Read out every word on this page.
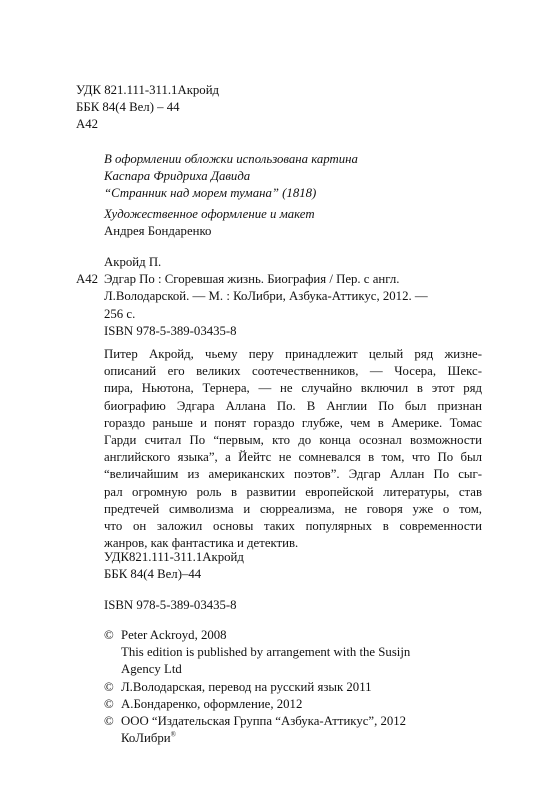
УДК 821.111-311.1Акройд
ББК 84(4 Вел) – 44
А42
В оформлении обложки использована картина
Каспара Фридриха Давида
“Странник над морем тумана” (1818)
Художественное оформление и макет
Андрея Бондаренко
А42
Акройд П.
Эдгар По : Сгоревшая жизнь. Биография / Пер. с англ.
Л.Володарской. — М. : КоЛибри, Азбука-Аттикус, 2012. —
256 с.
ISBN 978-5-389-03435-8
Питер Акройд, чьему перу принадлежит целый ряд жизне-
описаний его великих соотечественников, — Чосера, Шекс-
пира, Ньютона, Тернера, — не случайно включил в этот ряд
биографию Эдгара Аллана По. В Англии По был признан
гораздо раньше и понят гораздо глубже, чем в Америке. Томас
Гарди считал По “первым, кто до конца осознал возможности
английского языка”, а Йейтс не сомневался в том, что По был
“величайшим из американских поэтов”. Эдгар Аллан По сыг-
рал огромную роль в развитии европейской литературы, став
предтечей символизма и сюрреализма, не говоря уже о том,
что он заложил основы таких популярных в современности
жанров, как фантастика и детектив.
УДК821.111-311.1Акройд
ББК 84(4 Вел)–44
ISBN 978-5-389-03435-8
© Peter Ackroyd, 2008
This edition is published by arrangement with the Susijn
Agency Ltd
© Л.Володарская, перевод на русский язык 2011
© А.Бондаренко, оформление, 2012
© ООО “Издательская Группа “Азбука-Аттикус”, 2012
КоЛибри®
